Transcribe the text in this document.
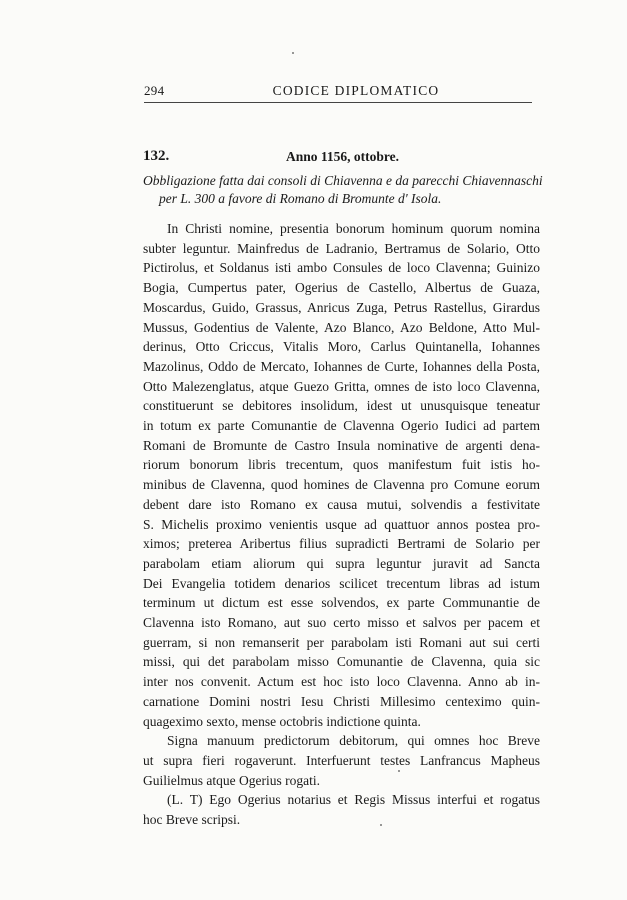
294	CODICE DIPLOMATICO
132.	Anno 1156, ottobre.
Obbligazione fatta dai consoli di Chiavenna e da parecchi Chiavennaschi
per L. 300 a favore di Romano di Bromunte d' Isola.
In Christi nomine, presentia bonorum hominum quorum nomina
subter leguntur. Mainfredus de Ladranio, Bertramus de Solario, Otto
Pictirolus, et Soldanus isti ambo Consules de loco Clavenna; Guinizo
Bogia, Cumpertus pater, Ogerius de Castello, Albertus de Guaza,
Moscardus, Guido, Grassus, Anricus Zuga, Petrus Rastellus, Girardus
Mussus, Godentius de Valente, Azo Blanco, Azo Beldone, Atto Mul-
derinus, Otto Criccus, Vitalis Moro, Carlus Quintanella, Iohannes
Mazolinus, Oddo de Mercato, Iohannes de Curte, Iohannes della Posta,
Otto Malezenglatus, atque Guezo Gritta, omnes de isto loco Clavenna,
constituerunt se debitores insolidum, idest ut unusquisque teneatur
in totum ex parte Comunantie de Clavenna Ogerio Iudici ad partem
Romani de Bromunte de Castro Insula nominative de argenti dena-
riorum bonorum libris trecentum, quos manifestum fuit istis ho-
minibus de Clavenna, quod homines de Clavenna pro Comune eorum
debent dare isto Romano ex causa mutui, solvendis a festivitate
S. Michelis proximo venientis usque ad quattuor annos postea pro-
ximos; preterea Aribertus filius supradicti Bertrami de Solario per
parabolam etiam aliorum qui supra leguntur juravit ad Sancta
Dei Evangelia totidem denarios scilicet trecentum libras ad istum
terminum ut dictum est esse solvendos, ex parte Communantie de
Clavenna isto Romano, aut suo certo misso et salvos per pacem et
guerram, si non remanserit per parabolam isti Romani aut sui certi
missi, qui det parabolam misso Comunantie de Clavenna, quia sic
inter nos convenit. Actum est hoc isto loco Clavenna. Anno ab in-
carnatione Domini nostri Iesu Christi Millesimo centeximo quin-
quageximo sexto, mense octobris indictione quinta.
Signa manuum predictorum debitorum, qui omnes hoc Breve
ut supra fieri rogaverunt. Interfuerunt testes Lanfrancus Mapheus
Guilielmus atque Ogerius rogati.
(L. T) Ego Ogerius notarius et Regis Missus interfui et rogatus
hoc Breve scripsi.
